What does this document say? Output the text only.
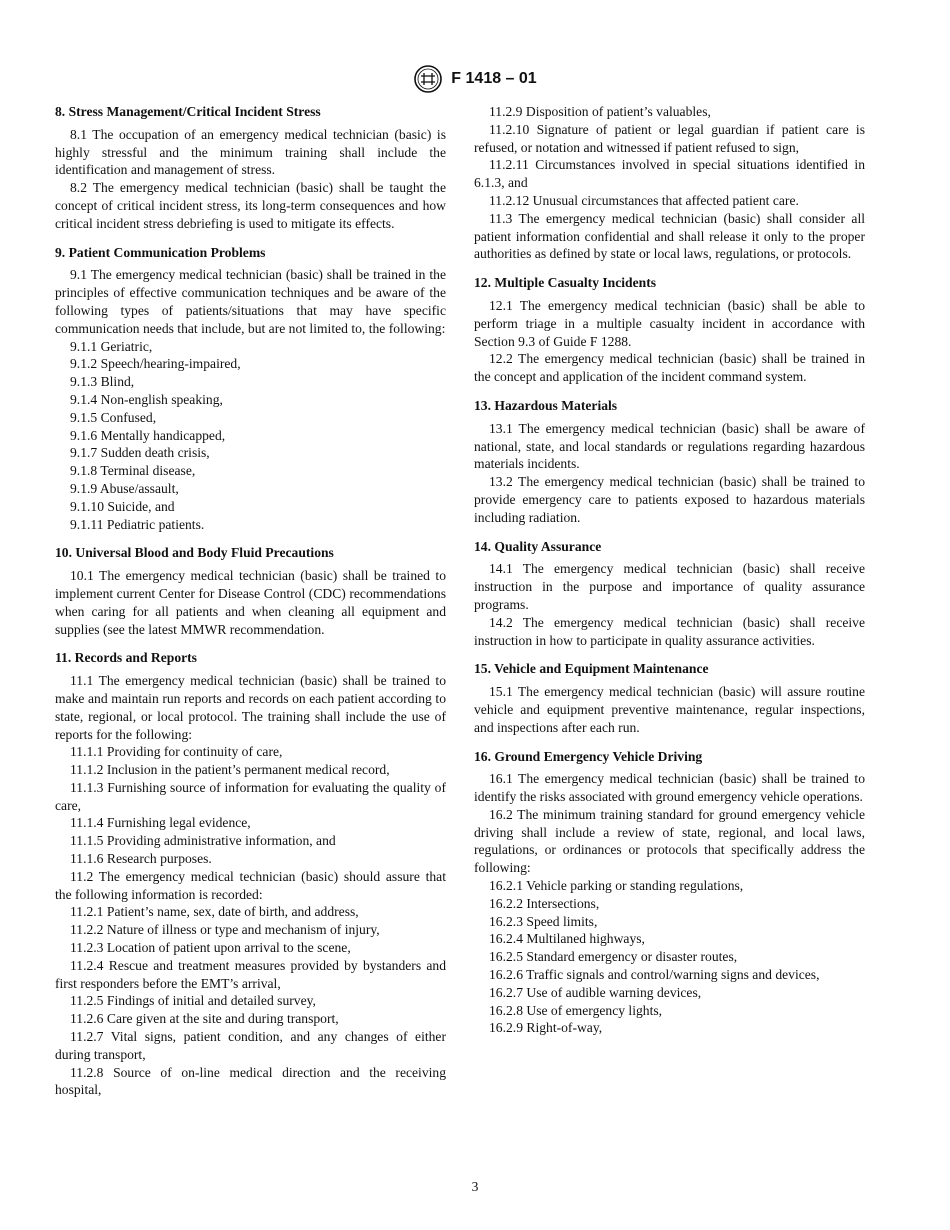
F 1418 – 01
8. Stress Management/Critical Incident Stress

8.1 The occupation of an emergency medical technician (basic) is highly stressful and the minimum training shall include the identification and management of stress.

8.2 The emergency medical technician (basic) shall be taught the concept of critical incident stress, its long-term consequences and how critical incident stress debriefing is used to mitigate its effects.

9. Patient Communication Problems

9.1 The emergency medical technician (basic) shall be trained in the principles of effective communication techniques and be aware of the following types of patients/situations that may have specific communication needs that include, but are not limited to, the following:

9.1.1 Geriatric,

9.1.2 Speech/hearing-impaired,

9.1.3 Blind,

9.1.4 Non-english speaking,

9.1.5 Confused,

9.1.6 Mentally handicapped,

9.1.7 Sudden death crisis,

9.1.8 Terminal disease,

9.1.9 Abuse/assault,

9.1.10 Suicide, and

9.1.11 Pediatric patients.

10. Universal Blood and Body Fluid Precautions

10.1 The emergency medical technician (basic) shall be trained to implement current Center for Disease Control (CDC) recommendations when caring for all patients and when cleaning all equipment and supplies (see the latest MMWR recommendation.

11. Records and Reports

11.1 The emergency medical technician (basic) shall be trained to make and maintain run reports and records on each patient according to state, regional, or local protocol. The training shall include the use of reports for the following:

11.1.1 Providing for continuity of care,

11.1.2 Inclusion in the patient’s permanent medical record,

11.1.3 Furnishing source of information for evaluating the quality of care,

11.1.4 Furnishing legal evidence,

11.1.5 Providing administrative information, and

11.1.6 Research purposes.

11.2 The emergency medical technician (basic) should assure that the following information is recorded:

11.2.1 Patient’s name, sex, date of birth, and address,

11.2.2 Nature of illness or type and mechanism of injury,

11.2.3 Location of patient upon arrival to the scene,

11.2.4 Rescue and treatment measures provided by bystanders and first responders before the EMT’s arrival,

11.2.5 Findings of initial and detailed survey,

11.2.6 Care given at the site and during transport,

11.2.7 Vital signs, patient condition, and any changes of either during transport,

11.2.8 Source of on-line medical direction and the receiving hospital,

11.2.9 Disposition of patient’s valuables,

11.2.10 Signature of patient or legal guardian if patient care is refused, or notation and witnessed if patient refused to sign,

11.2.11 Circumstances involved in special situations identified in 6.1.3, and

11.2.12 Unusual circumstances that affected patient care.

11.3 The emergency medical technician (basic) shall consider all patient information confidential and shall release it only to the proper authorities as defined by state or local laws, regulations, or protocols.

12. Multiple Casualty Incidents

12.1 The emergency medical technician (basic) shall be able to perform triage in a multiple casualty incident in accordance with Section 9.3 of Guide F 1288.

12.2 The emergency medical technician (basic) shall be trained in the concept and application of the incident command system.

13. Hazardous Materials

13.1 The emergency medical technician (basic) shall be aware of national, state, and local standards or regulations regarding hazardous materials incidents.

13.2 The emergency medical technician (basic) shall be trained to provide emergency care to patients exposed to hazardous materials including radiation.

14. Quality Assurance

14.1 The emergency medical technician (basic) shall receive instruction in the purpose and importance of quality assurance programs.

14.2 The emergency medical technician (basic) shall receive instruction in how to participate in quality assurance activities.

15. Vehicle and Equipment Maintenance

15.1 The emergency medical technician (basic) will assure routine vehicle and equipment preventive maintenance, regular inspections, and inspections after each run.

16. Ground Emergency Vehicle Driving

16.1 The emergency medical technician (basic) shall be trained to identify the risks associated with ground emergency vehicle operations.

16.2 The minimum training standard for ground emergency vehicle driving shall include a review of state, regional, and local laws, regulations, or ordinances or protocols that specifically address the following:

16.2.1 Vehicle parking or standing regulations,

16.2.2 Intersections,

16.2.3 Speed limits,

16.2.4 Multilaned highways,

16.2.5 Standard emergency or disaster routes,

16.2.6 Traffic signals and control/warning signs and devices,

16.2.7 Use of audible warning devices,

16.2.8 Use of emergency lights,

16.2.9 Right-of-way,

3
